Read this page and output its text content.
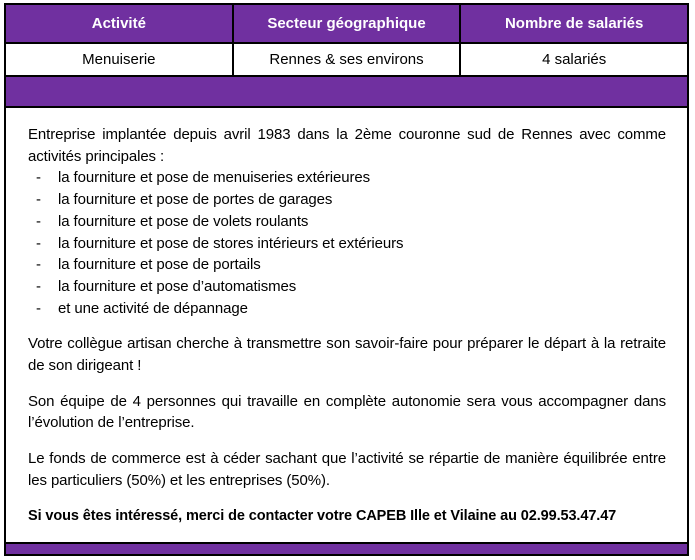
Activité	Secteur géographique	Nombre de salariés
Menuiserie	Rennes & ses environs	4 salariés

Entreprise implantée depuis avril 1983 dans la 2ème couronne sud de Rennes avec comme activités principales :

-	la fourniture et pose de menuiseries extérieures
-	la fourniture et pose de portes de garages
-	la fourniture et pose de volets roulants
-	la fourniture et pose de stores intérieurs et extérieurs
-	la fourniture et pose de portails
-	la fourniture et pose d’automatismes
-	et une activité de dépannage

Votre collègue artisan cherche à transmettre son savoir-faire pour préparer le départ à la retraite de son dirigeant !

Son équipe de 4 personnes qui travaille en complète autonomie sera vous accompagner dans l’évolution de l’entreprise.

Le fonds de commerce est à céder sachant que l’activité se répartie de manière équilibrée entre les particuliers (50%) et les entreprises (50%).

Si vous êtes intéressé, merci de contacter votre CAPEB Ille et Vilaine au 02.99.53.47.47
